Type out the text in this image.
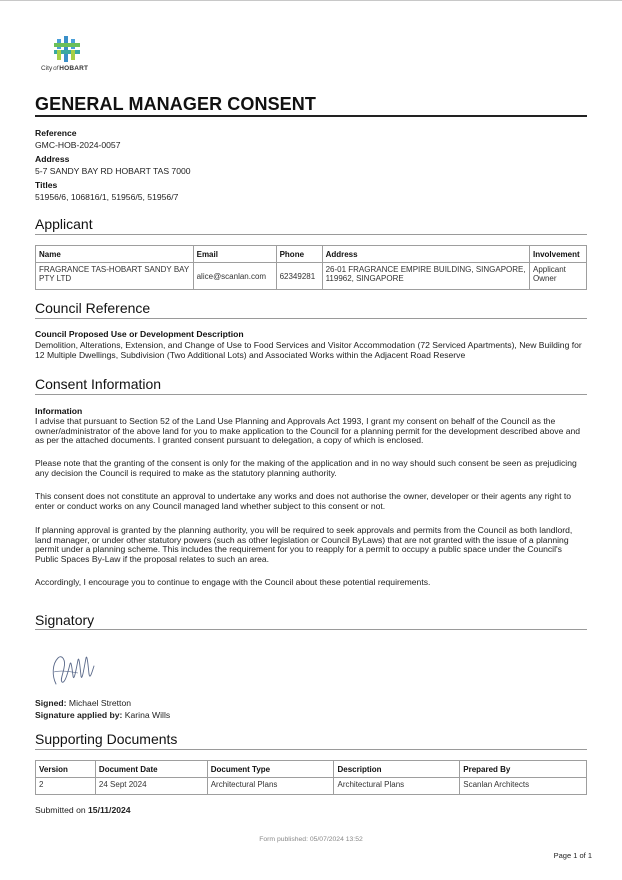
CityofHOBART
GENERAL MANAGER CONSENT
Reference
GMC-HOB-2024-0057
Address
5-7 SANDY BAY RD HOBART TAS 7000
Titles
51956/6, 106816/1, 51956/5, 51956/7
Applicant
Name	Email	Phone	Address	Involvement
FRAGRANCE TAS-HOBART SANDY BAY PTY LTD	alice@scanlan.com	62349281	26-01 FRAGRANCE EMPIRE BUILDING, SINGAPORE, 119962, SINGAPORE	Applicant Owner
Council Reference
Council Proposed Use or Development Description
Demolition, Alterations, Extension, and Change of Use to Food Services and Visitor Accommodation (72 Serviced Apartments), New Building for 12 Multiple Dwellings, Subdivision (Two Additional Lots) and Associated Works within the Adjacent Road Reserve
Consent Information
Information
I advise that pursuant to Section 52 of the Land Use Planning and Approvals Act 1993, I grant my consent on behalf of the Council as the owner/administrator of the above land for you to make application to the Council for a planning permit for the development described above and as per the attached documents. I granted consent pursuant to delegation, a copy of which is enclosed.
Please note that the granting of the consent is only for the making of the application and in no way should such consent be seen as prejudicing any decision the Council is required to make as the statutory planning authority.
This consent does not constitute an approval to undertake any works and does not authorise the owner, developer or their agents any right to enter or conduct works on any Council managed land whether subject to this consent or not.
If planning approval is granted by the planning authority, you will be required to seek approvals and permits from the Council as both landlord, land manager, or under other statutory powers (such as other legislation or Council ByLaws) that are not granted with the issue of a planning permit under a planning scheme. This includes the requirement for you to reapply for a permit to occupy a public space under the Council's Public Spaces By-Law if the proposal relates to such an area.
Accordingly, I encourage you to continue to engage with the Council about these potential requirements.
Signatory
Signed: Michael Stretton
Signature applied by: Karina Wills
Supporting Documents
Version	Document Date	Document Type	Description	Prepared By
2	24 Sept 2024	Architectural Plans	Architectural Plans	Scanlan Architects
Submitted on 15/11/2024
Form published: 05/07/2024 13:52
Page 1 of 1
